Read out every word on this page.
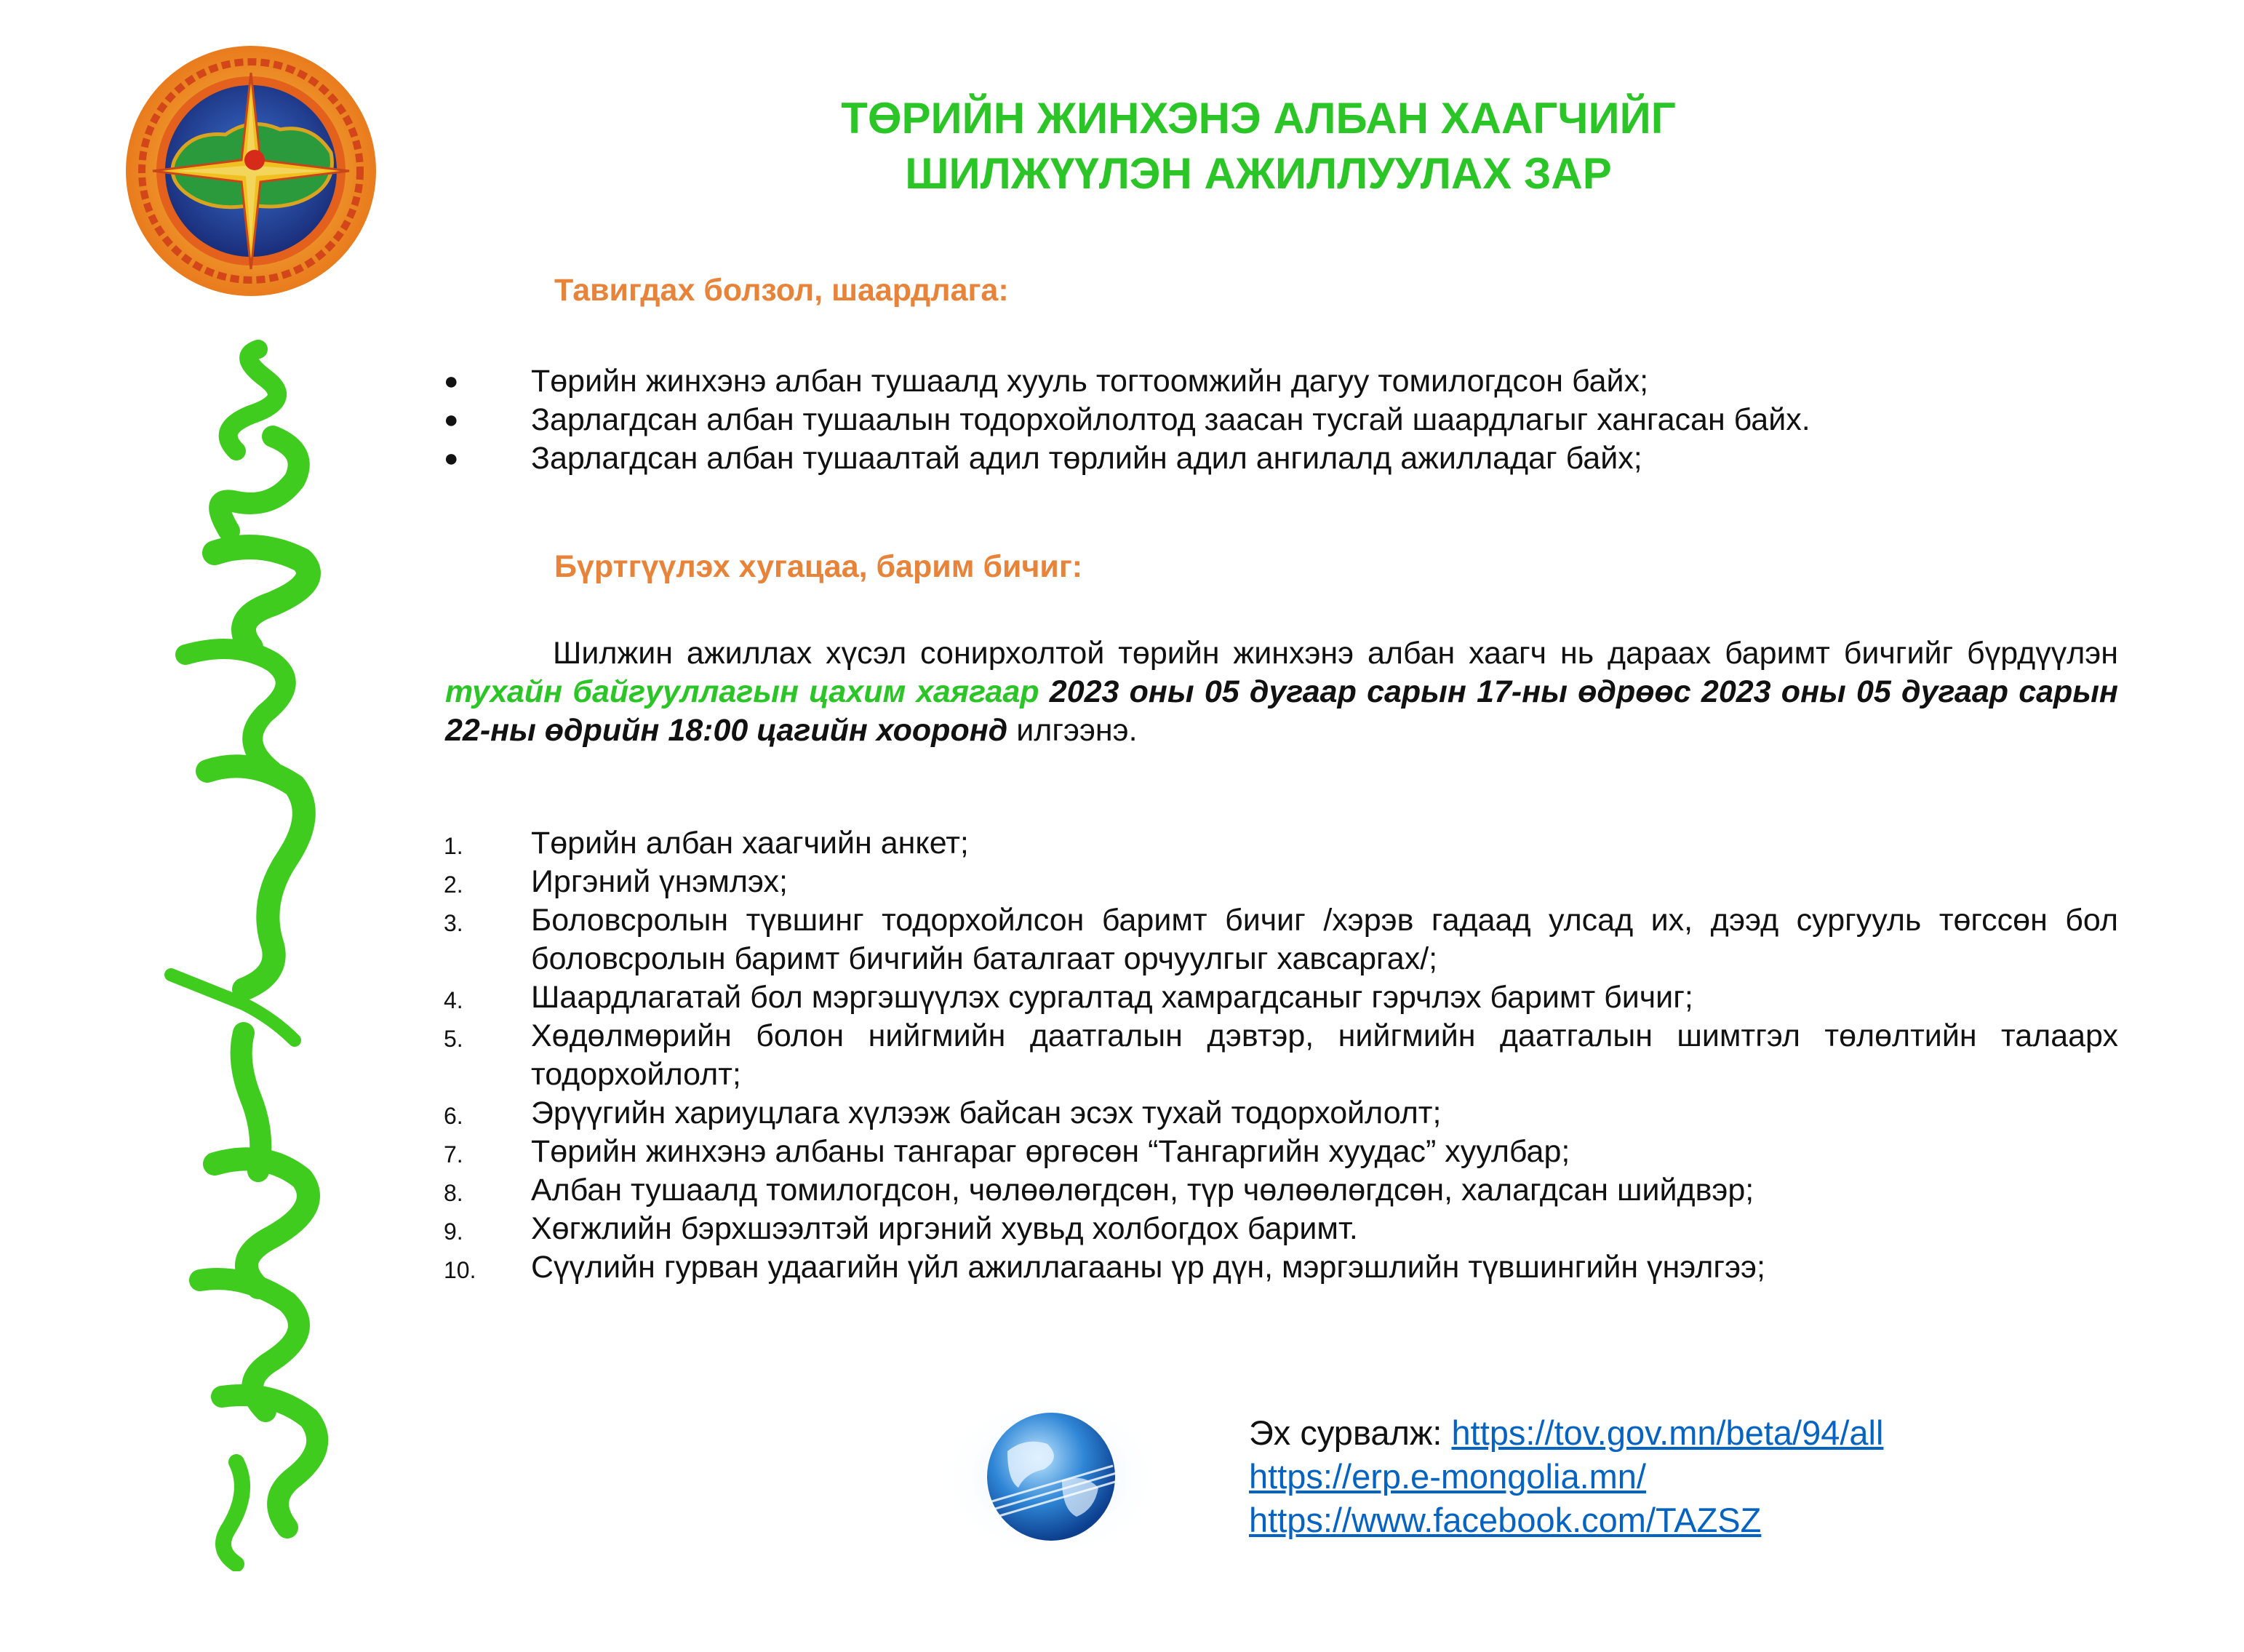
ТӨРИЙН ЖИНХЭНЭ АЛБАН ХААГЧИЙГ
ШИЛЖҮҮЛЭН АЖИЛЛУУЛАХ ЗАР
Тавигдах болзол, шаардлага:
● Төрийн жинхэнэ албан тушаалд хууль тогтоомжийн дагуу томилогдсон байх;
● Зарлагдсан албан тушаалын тодорхойлолтод заасан тусгай шаардлагыг хангасан байх.
● Зарлагдсан албан тушаалтай адил төрлийн адил ангилалд ажилладаг байх;
Бүртгүүлэх хугацаа, барим бичиг:
Шилжин ажиллах хүсэл сонирхолтой төрийн жинхэнэ албан хаагч нь дараах баримт бичгийг бүрдүүлэн тухайн байгууллагын цахим хаягаар 2023 оны 05 дугаар сарын 17-ны өдрөөс 2023 оны 05 дугаар сарын 22-ны өдрийн 18:00 цагийн хооронд илгээнэ.
1. Төрийн албан хаагчийн анкет;
2. Иргэний үнэмлэх;
3. Боловсролын түвшинг тодорхойлсон баримт бичиг /хэрэв гадаад улсад их, дээд сургууль төгссөн бол боловсролын баримт бичгийн баталгаат орчуулгыг хавсаргах/;
4. Шаардлагатай бол мэргэшүүлэх сургалтад хамрагдсаныг гэрчлэх баримт бичиг;
5. Хөдөлмөрийн болон нийгмийн даатгалын дэвтэр, нийгмийн даатгалын шимтгэл төлөлтийн талаарх тодорхойлолт;
6. Эрүүгийн хариуцлага хүлээж байсан эсэх тухай тодорхойлолт;
7. Төрийн жинхэнэ албаны тангараг өргөсөн “Тангаргийн хуудас” хуулбар;
8. Албан тушаалд томилогдсон, чөлөөлөгдсөн, түр чөлөөлөгдсөн, халагдсан шийдвэр;
9. Хөгжлийн бэрхшээлтэй иргэний хувьд холбогдох баримт.
10. Сүүлийн гурван удаагийн үйл ажиллагааны үр дүн, мэргэшлийн түвшингийн үнэлгээ;
Эх сурвалж: https://tov.gov.mn/beta/94/all
https://erp.e-mongolia.mn/
https://www.facebook.com/TAZSZ
